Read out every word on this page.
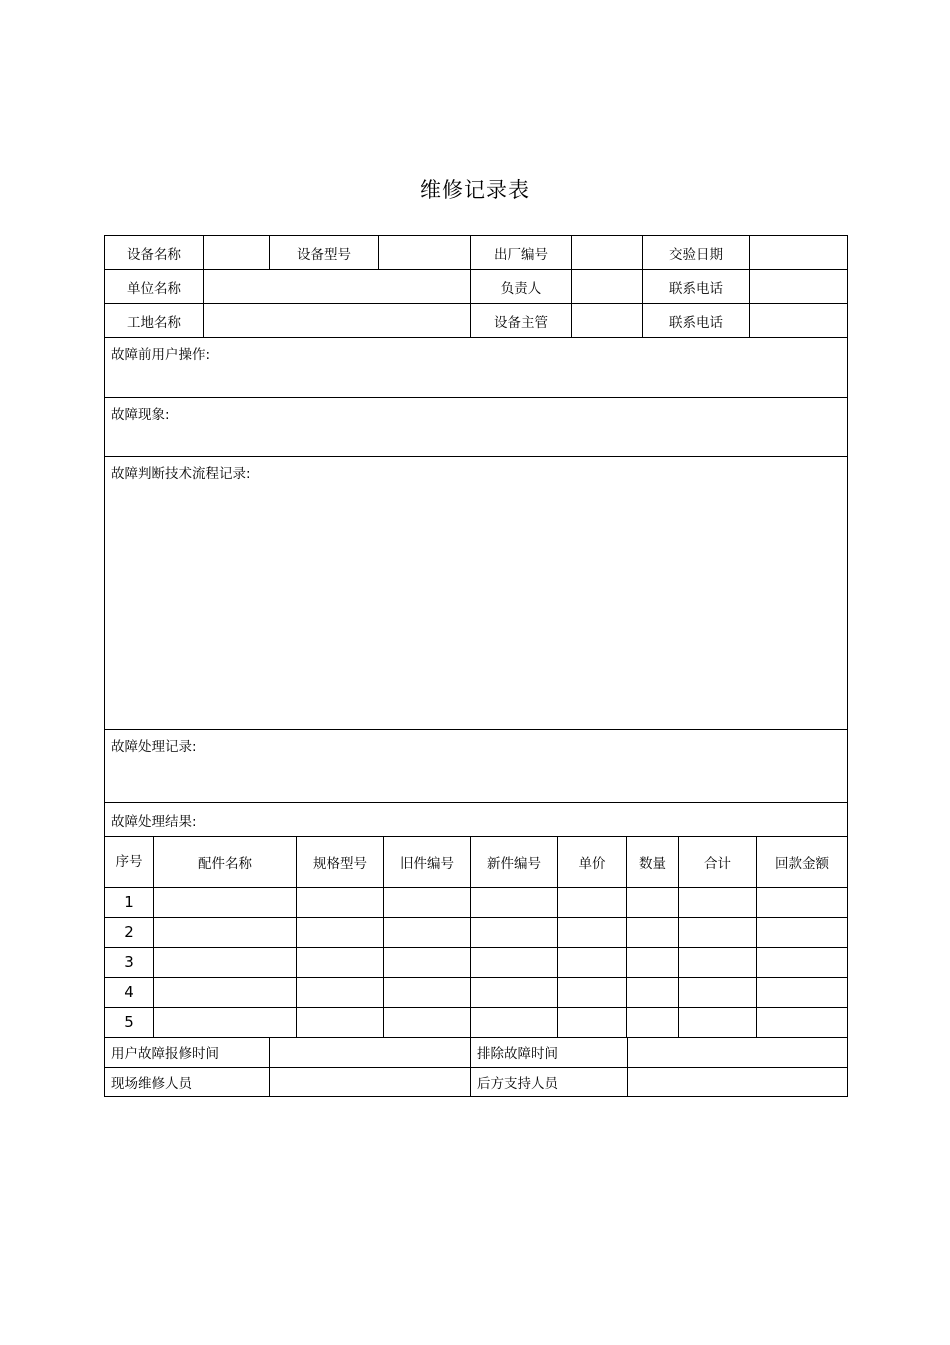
维修记录表
设备名称		设备型号		出厂编号		交验日期	
单位名称				负责人		联系电话	
工地名称				设备主管		联系电话	
故障前用户操作:							
故障现象:							
故障判断技术流程记录:							
故障处理记录:							
故障处理结果:							
序号	配件名称	规格型号	旧件编号	新件编号	单价	数量	合计	回款金额
1								
2								
3								
4								
5								
用户故障报修时间		排除故障时间	
现场维修人员		后方支持人员	
